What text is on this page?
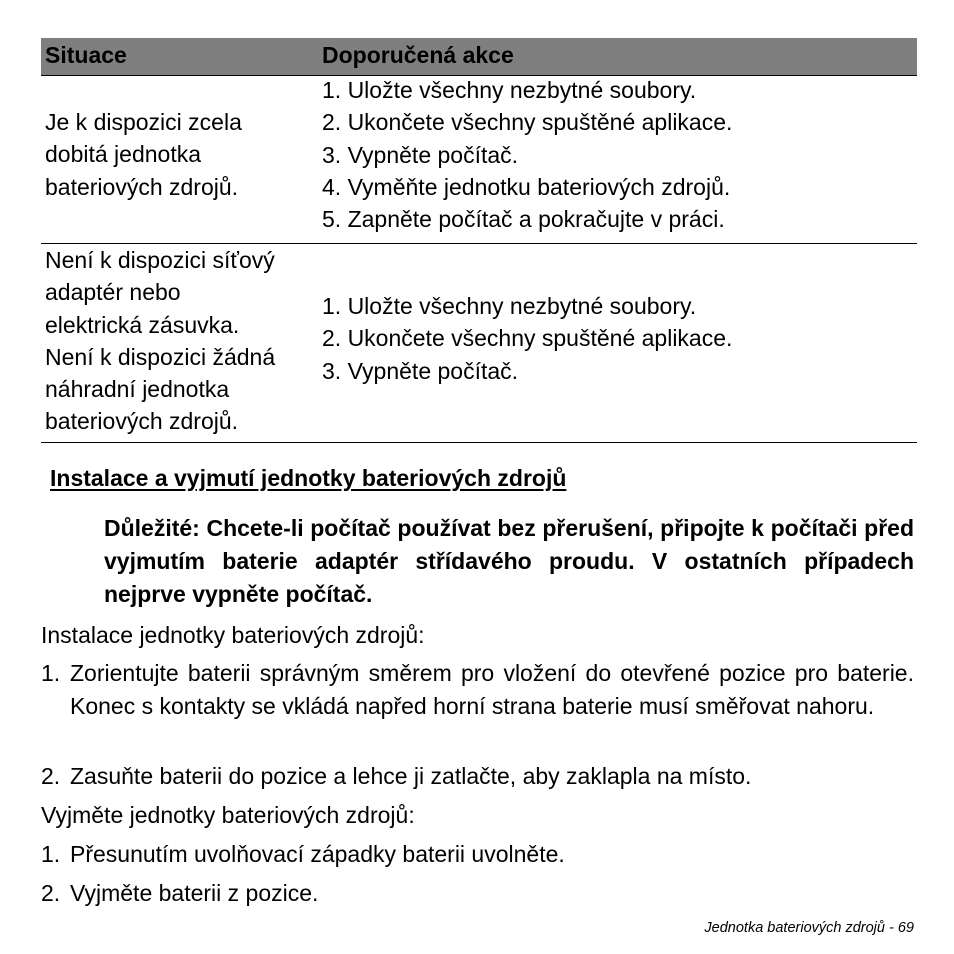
Situace	Doporučená akce
Je k dispozici zcela
dobitá jednotka
bateriových zdrojů.
1. Uložte všechny nezbytné soubory.
2. Ukončete všechny spuštěné aplikace.
3. Vypněte počítač.
4. Vyměňte jednotku bateriových zdrojů.
5. Zapněte počítač a pokračujte v práci.
Není k dispozici síťový
adaptér nebo
elektrická zásuvka.
Není k dispozici žádná
náhradní jednotka
bateriových zdrojů.
1. Uložte všechny nezbytné soubory.
2. Ukončete všechny spuštěné aplikace.
3. Vypněte počítač.
Instalace a vyjmutí jednotky bateriových zdrojů
Důležité: Chcete-li počítač používat bez přerušení, připojte k počítači před vyjmutím baterie adaptér střídavého proudu. V ostatních případech nejprve vypněte počítač.
Instalace jednotky bateriových zdrojů:
1. Zorientujte baterii správným směrem pro vložení do otevřené pozice pro baterie. Konec s kontakty se vkládá napřed horní strana baterie musí směřovat nahoru.
2. Zasuňte baterii do pozice a lehce ji zatlačte, aby zaklapla na místo.
Vyjměte jednotky bateriových zdrojů:
1. Přesunutím uvolňovací západky baterii uvolněte.
2. Vyjměte baterii z pozice.
Jednotka bateriových zdrojů - 69
